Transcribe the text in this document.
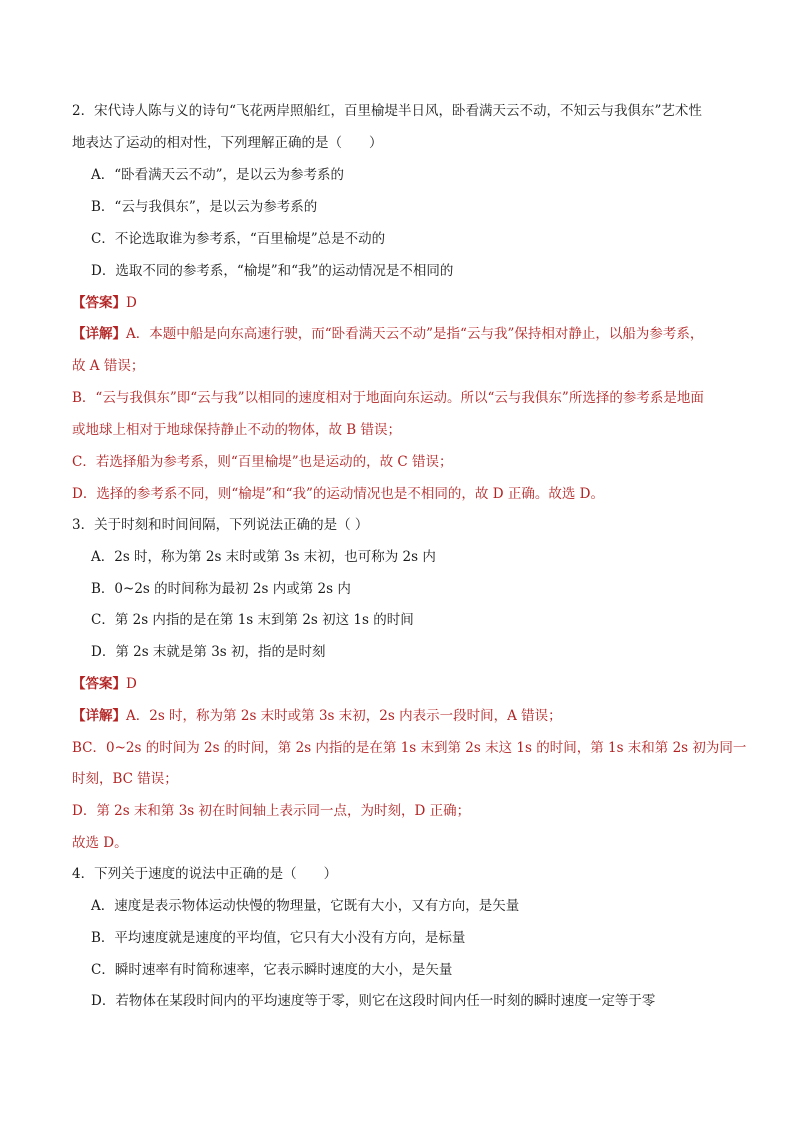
2．宋代诗人陈与义的诗句“飞花两岸照船红，百里榆堤半日风，卧看满天云不动，不知云与我俱东”艺术性
地表达了运动的相对性，下列理解正确的是（　　）
A．“卧看满天云不动”，是以云为参考系的
B．“云与我俱东”，是以云为参考系的
C．不论选取谁为参考系，“百里榆堤”总是不动的
D．选取不同的参考系，“榆堤”和“我”的运动情况是不相同的
【答案】D
【详解】A．本题中船是向东高速行驶，而“卧看满天云不动”是指“云与我”保持相对静止，以船为参考系，
故 A 错误；
B．“云与我俱东”即“云与我”以相同的速度相对于地面向东运动。所以“云与我俱东”所选择的参考系是地面
或地球上相对于地球保持静止不动的物体，故 B 错误；
C．若选择船为参考系，则“百里榆堤”也是运动的，故 C 错误；
D．选择的参考系不同，则“榆堤”和“我”的运动情况也是不相同的，故 D 正确。故选 D。
3．关于时刻和时间间隔，下列说法正确的是（ ）
A．2s 时，称为第 2s 末时或第 3s 末初，也可称为 2s 内
B．0~2s 的时间称为最初 2s 内或第 2s 内
C．第 2s 内指的是在第 1s 末到第 2s 初这 1s 的时间
D．第 2s 末就是第 3s 初，指的是时刻
【答案】D
【详解】A．2s 时，称为第 2s 末时或第 3s 末初，2s 内表示一段时间，A 错误；
BC．0~2s 的时间为 2s 的时间，第 2s 内指的是在第 1s 末到第 2s 末这 1s 的时间，第 1s 末和第 2s 初为同一
时刻，BC 错误；
D．第 2s 末和第 3s 初在时间轴上表示同一点，为时刻，D 正确；
故选 D。
4．下列关于速度的说法中正确的是（　　）
A．速度是表示物体运动快慢的物理量，它既有大小，又有方向，是矢量
B．平均速度就是速度的平均值，它只有大小没有方向，是标量
C．瞬时速率有时简称速率，它表示瞬时速度的大小，是矢量
D．若物体在某段时间内的平均速度等于零，则它在这段时间内任一时刻的瞬时速度一定等于零
